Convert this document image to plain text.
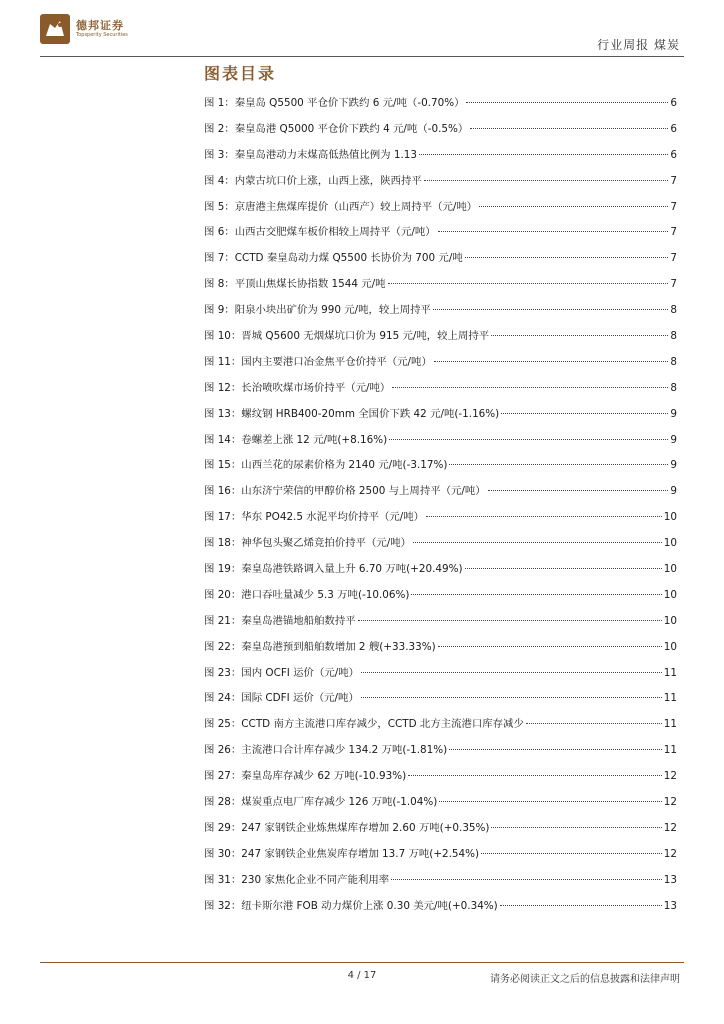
德邦证券
Topsperity Securities
行业周报 煤炭
图表目录
图 1：秦皇岛 Q5500 平仓价下跌约 6 元/吨（-0.70%）	6
图 2：秦皇岛港 Q5000 平仓价下跌约 4 元/吨（-0.5%）	6
图 3：秦皇岛港动力末煤高低热值比例为 1.13	6
图 4：内蒙古坑口价上涨，山西上涨，陕西持平	7
图 5：京唐港主焦煤库提价（山西产）较上周持平（元/吨）	7
图 6：山西古交肥煤车板价相较上周持平（元/吨）	7
图 7：CCTD 秦皇岛动力煤 Q5500 长协价为 700 元/吨	7
图 8：平顶山焦煤长协指数 1544 元/吨	7
图 9：阳泉小块出矿价为 990 元/吨，较上周持平	8
图 10：晋城 Q5600 无烟煤坑口价为 915 元/吨，较上周持平	8
图 11：国内主要港口冶金焦平仓价持平（元/吨）	8
图 12：长治喷吹煤市场价持平（元/吨）	8
图 13：螺纹钢 HRB400-20mm 全国价下跌 42 元/吨(-1.16%)	9
图 14：卷螺差上涨 12 元/吨(+8.16%)	9
图 15：山西兰花的尿素价格为 2140 元/吨(-3.17%)	9
图 16：山东济宁荣信的甲醇价格 2500 与上周持平（元/吨）	9
图 17：华东 PO42.5 水泥平均价持平（元/吨）	10
图 18：神华包头聚乙烯竞拍价持平（元/吨）	10
图 19：秦皇岛港铁路调入量上升 6.70 万吨(+20.49%)	10
图 20：港口吞吐量减少 5.3 万吨(-10.06%)	10
图 21：秦皇岛港锚地船舶数持平	10
图 22：秦皇岛港预到船舶数增加 2 艘(+33.33%)	10
图 23：国内 OCFI 运价（元/吨）	11
图 24：国际 CDFI 运价（元/吨）	11
图 25：CCTD 南方主流港口库存减少，CCTD 北方主流港口库存减少	11
图 26：主流港口合计库存减少 134.2 万吨(-1.81%)	11
图 27：秦皇岛库存减少 62 万吨(-10.93%)	12
图 28：煤炭重点电厂库存减少 126 万吨(-1.04%)	12
图 29：247 家钢铁企业炼焦煤库存增加 2.60 万吨(+0.35%)	12
图 30：247 家钢铁企业焦炭库存增加 13.7 万吨(+2.54%)	12
图 31：230 家焦化企业不同产能利用率	13
图 32：纽卡斯尔港 FOB 动力煤价上涨 0.30 美元/吨(+0.34%)	13
4 / 17	请务必阅读正文之后的信息披露和法律声明
